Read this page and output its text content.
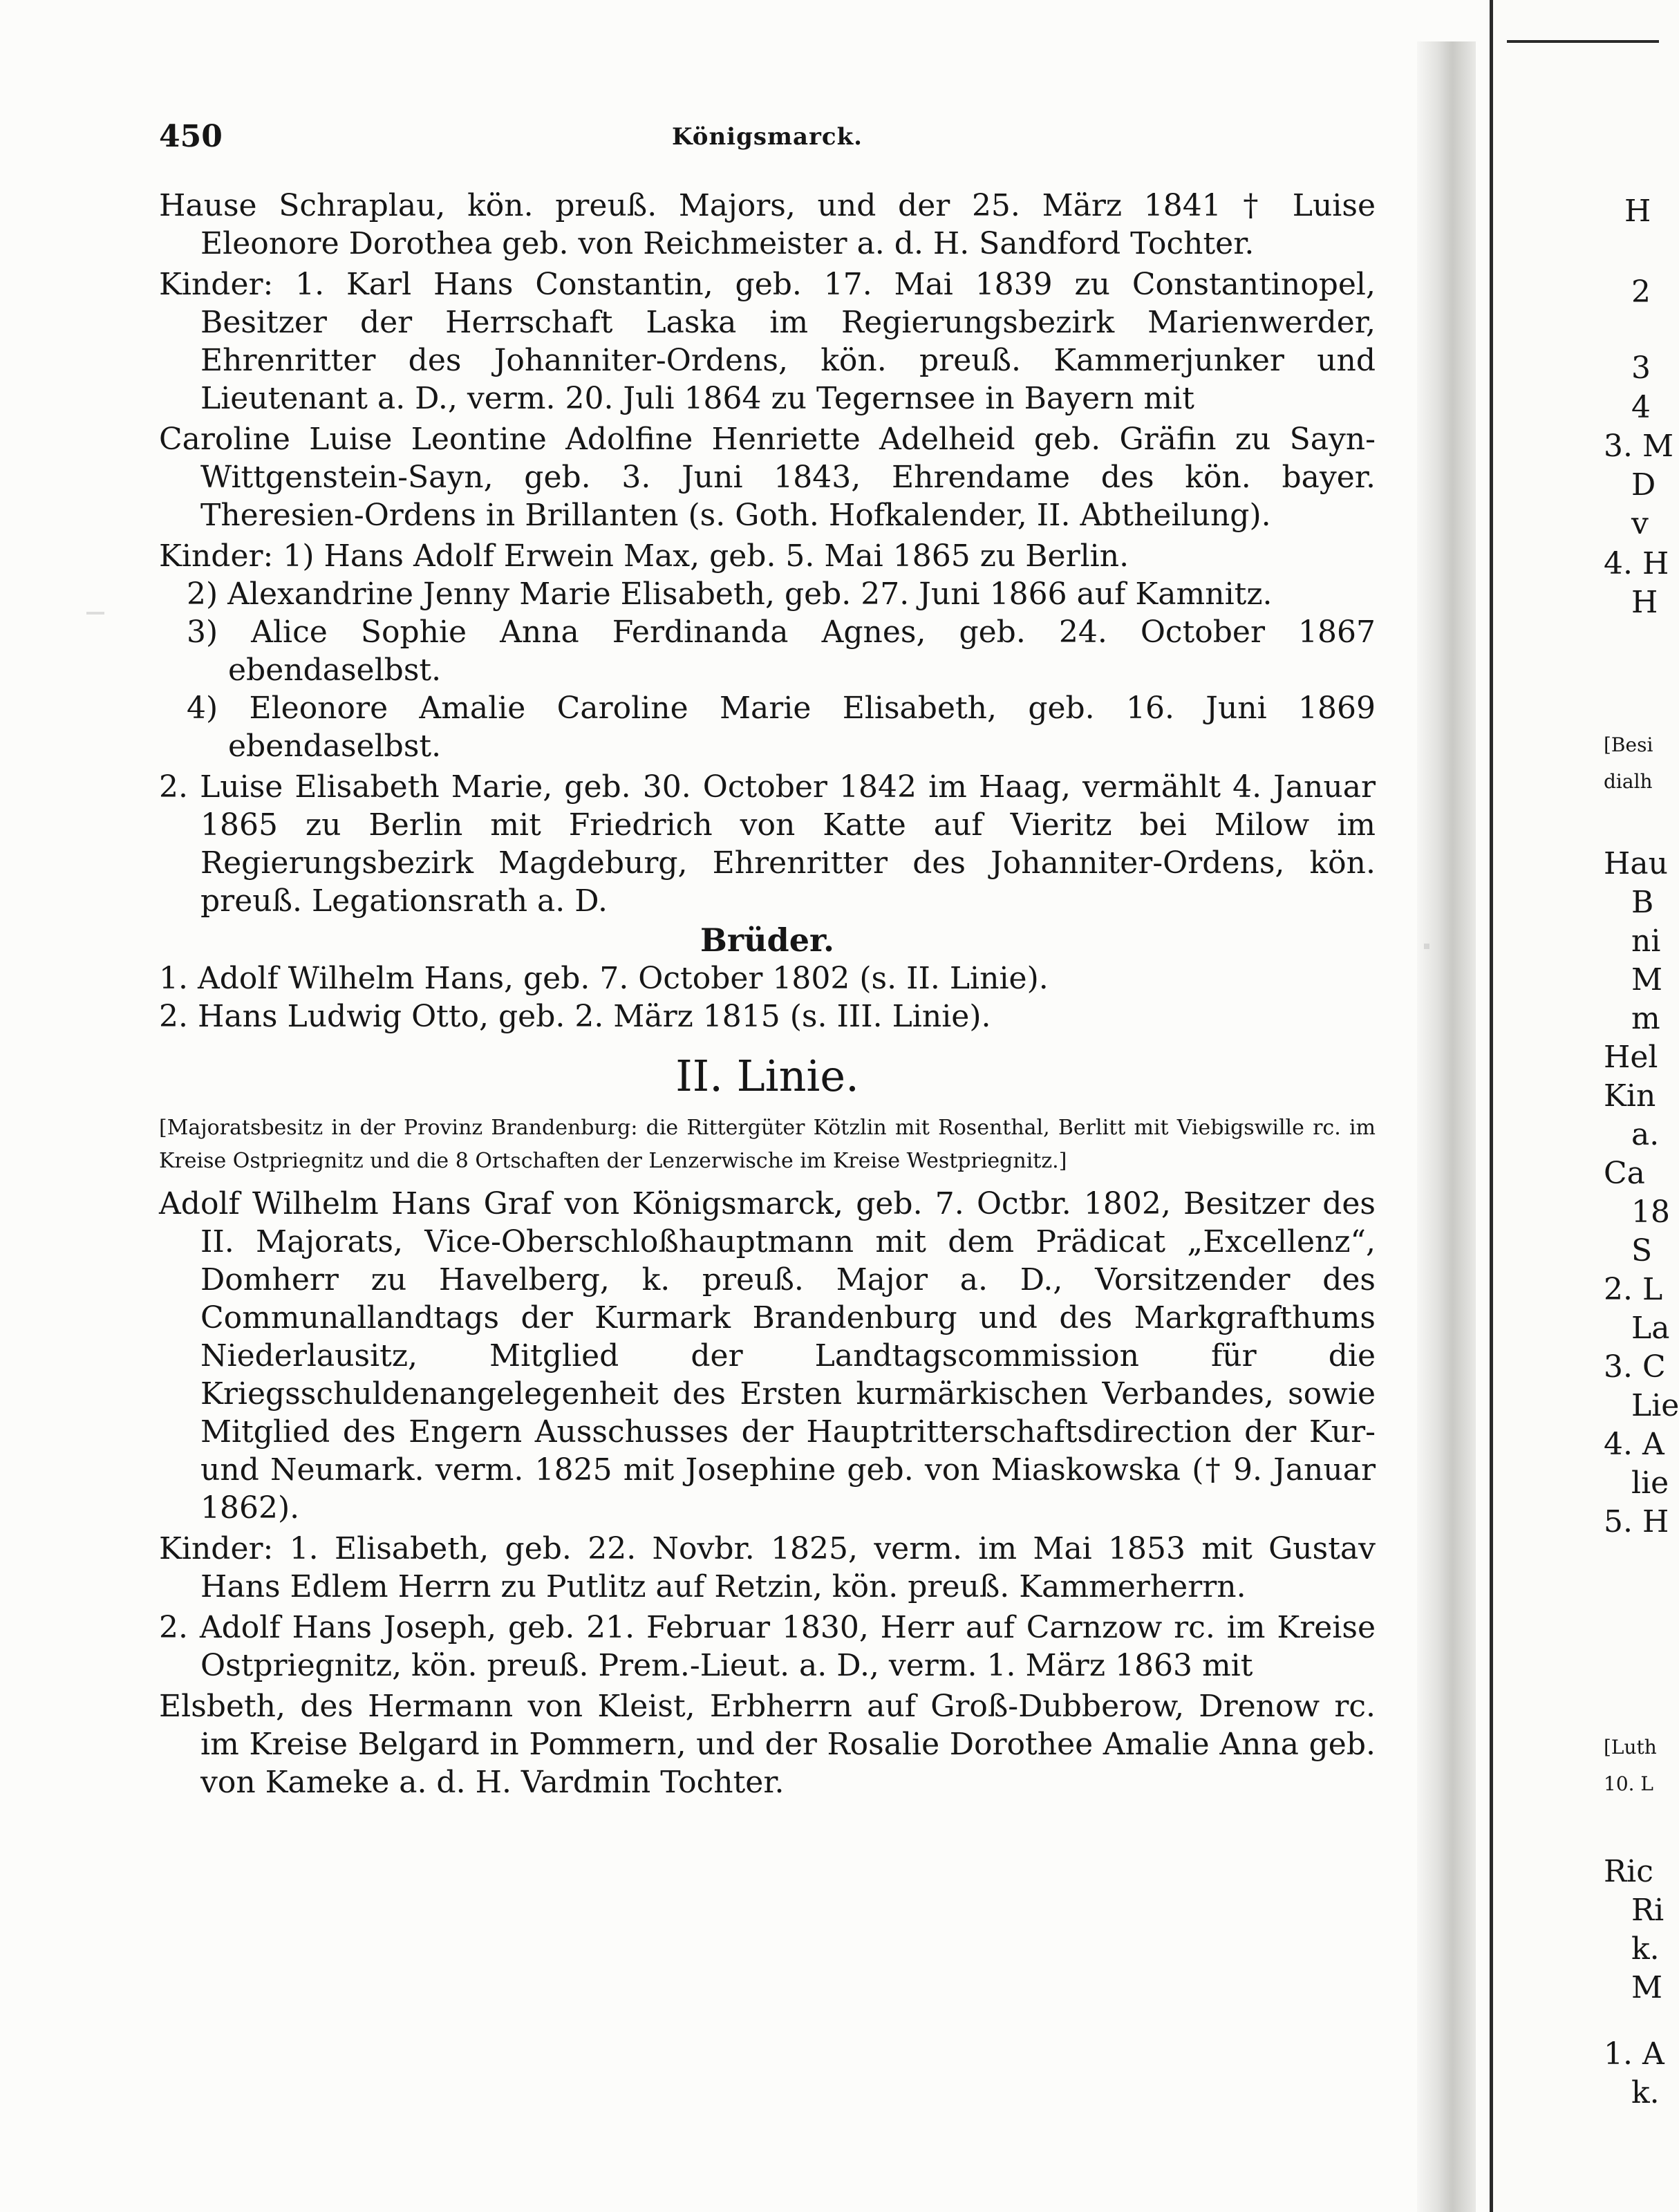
450	Königsmarck.

Hause Schraplau, kön. preuß. Majors, und der 25. März 1841 † Luise Eleonore Dorothea geb. von Reichmeister a. d. H. Sandford Tochter.

Kinder: 1. Karl Hans Constantin, geb. 17. Mai 1839 zu Constantinopel, Besitzer der Herrschaft Laska im Regierungsbezirk Marienwerder, Ehrenritter des Johanniter-Ordens, kön. preuß. Kammerjunker und Lieutenant a. D., verm. 20. Juli 1864 zu Tegernsee in Bayern mit

Caroline Luise Leontine Adolfine Henriette Adelheid geb. Gräfin zu Sayn-Wittgenstein-Sayn, geb. 3. Juni 1843, Ehrendame des kön. bayer. Theresien-Ordens in Brillanten (s. Goth. Hofkalender, II. Abtheilung).

Kinder: 1) Hans Adolf Erwein Max, geb. 5. Mai 1865 zu Berlin.

2) Alexandrine Jenny Marie Elisabeth, geb. 27. Juni 1866 auf Kamnitz.

3) Alice Sophie Anna Ferdinanda Agnes, geb. 24. October 1867 ebendaselbst.

4) Eleonore Amalie Caroline Marie Elisabeth, geb. 16. Juni 1869 ebendaselbst.

2. Luise Elisabeth Marie, geb. 30. October 1842 im Haag, vermählt 4. Januar 1865 zu Berlin mit Friedrich von Katte auf Vieritz bei Milow im Regierungsbezirk Magdeburg, Ehrenritter des Johanniter-Ordens, kön. preuß. Legationsrath a. D.

Brüder.

1. Adolf Wilhelm Hans, geb. 7. October 1802 (s. II. Linie).

2. Hans Ludwig Otto, geb. 2. März 1815 (s. III. Linie).

II. Linie.

[Majoratsbesitz in der Provinz Brandenburg: die Rittergüter Kötzlin mit Rosenthal, Berlitt mit Viebigswille rc. im Kreise Ostpriegnitz und die 8 Ortschaften der Lenzerwische im Kreise Westpriegnitz.]

Adolf Wilhelm Hans Graf von Königsmarck, geb. 7. Octbr. 1802, Besitzer des II. Majorats, Vice-Oberschloßhauptmann mit dem Prädicat „Excellenz“, Domherr zu Havelberg, k. preuß. Major a. D., Vorsitzender des Communallandtags der Kurmark Brandenburg und des Markgrafthums Niederlausitz, Mitglied der Landtagscommission für die Kriegsschuldenangelegenheit des Ersten kurmärkischen Verbandes, sowie Mitglied des Engern Ausschusses der Hauptritterschaftsdirection der Kur- und Neumark. verm. 1825 mit Josephine geb. von Miaskowska († 9. Januar 1862).

Kinder: 1. Elisabeth, geb. 22. Novbr. 1825, verm. im Mai 1853 mit Gustav Hans Edlem Herrn zu Putlitz auf Retzin, kön. preuß. Kammerherrn.

2. Adolf Hans Joseph, geb. 21. Februar 1830, Herr auf Carnzow rc. im Kreise Ostpriegnitz, kön. preuß. Prem.-Lieut. a. D., verm. 1. März 1863 mit

Elsbeth, des Hermann von Kleist, Erbherrn auf Groß-Dubberow, Drenow rc. im Kreise Belgard in Pommern, und der Rosalie Dorothee Amalie Anna geb. von Kameke a. d. H. Vardmin Tochter.

H
2
3
4
3. M
D
v
4. H
H
[Besi
dialh
Hau
B
ni
M
m
Hel
Kin
a.
Ca
18
S
2. L
La
3. C
Lie
4. A
lie
5. H
[Luth
10. L
Ric
Ri
k.
M
1. A
k.
